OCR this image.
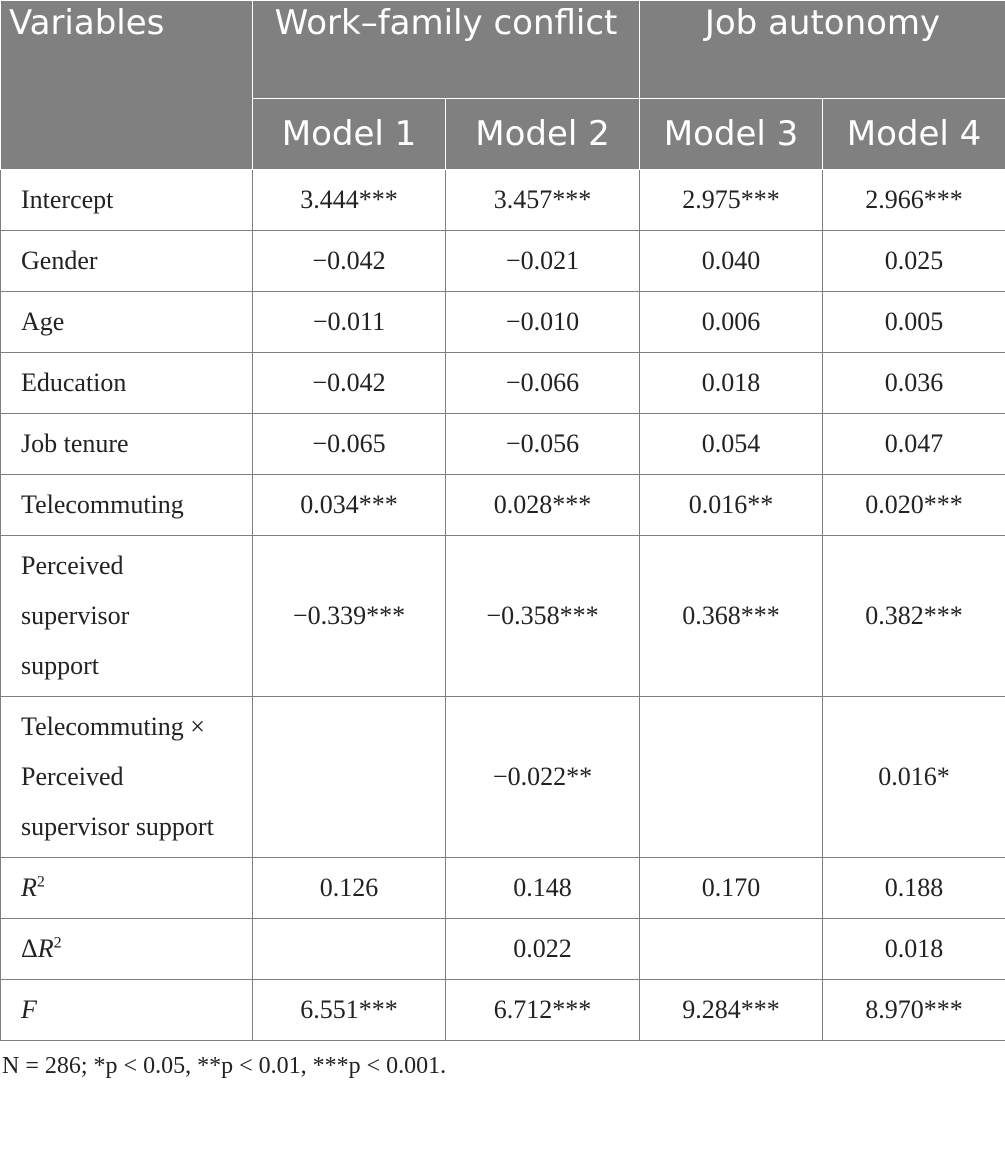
Variables	Work–family conflict		Job autonomy	
	Model 1	Model 2	Model 3	Model 4
Intercept	3.444***	3.457***	2.975***	2.966***
Gender	−0.042	−0.021	0.040	0.025
Age	−0.011	−0.010	0.006	0.005
Education	−0.042	−0.066	0.018	0.036
Job tenure	−0.065	−0.056	0.054	0.047
Telecommuting	0.034***	0.028***	0.016**	0.020***

Perceived supervisor support	−0.339***	−0.358***	0.368***	0.382***

Telecommuting × Perceived supervisor support		−0.022**		0.016*
$R^2$	0.126	0.148	0.170	0.188
$\Delta R^2$		0.022		0.018
F	6.551***	6.712***	9.284***	8.970***
N = 286; *p < 0.05, **p < 0.01, ***p < 0.001.
